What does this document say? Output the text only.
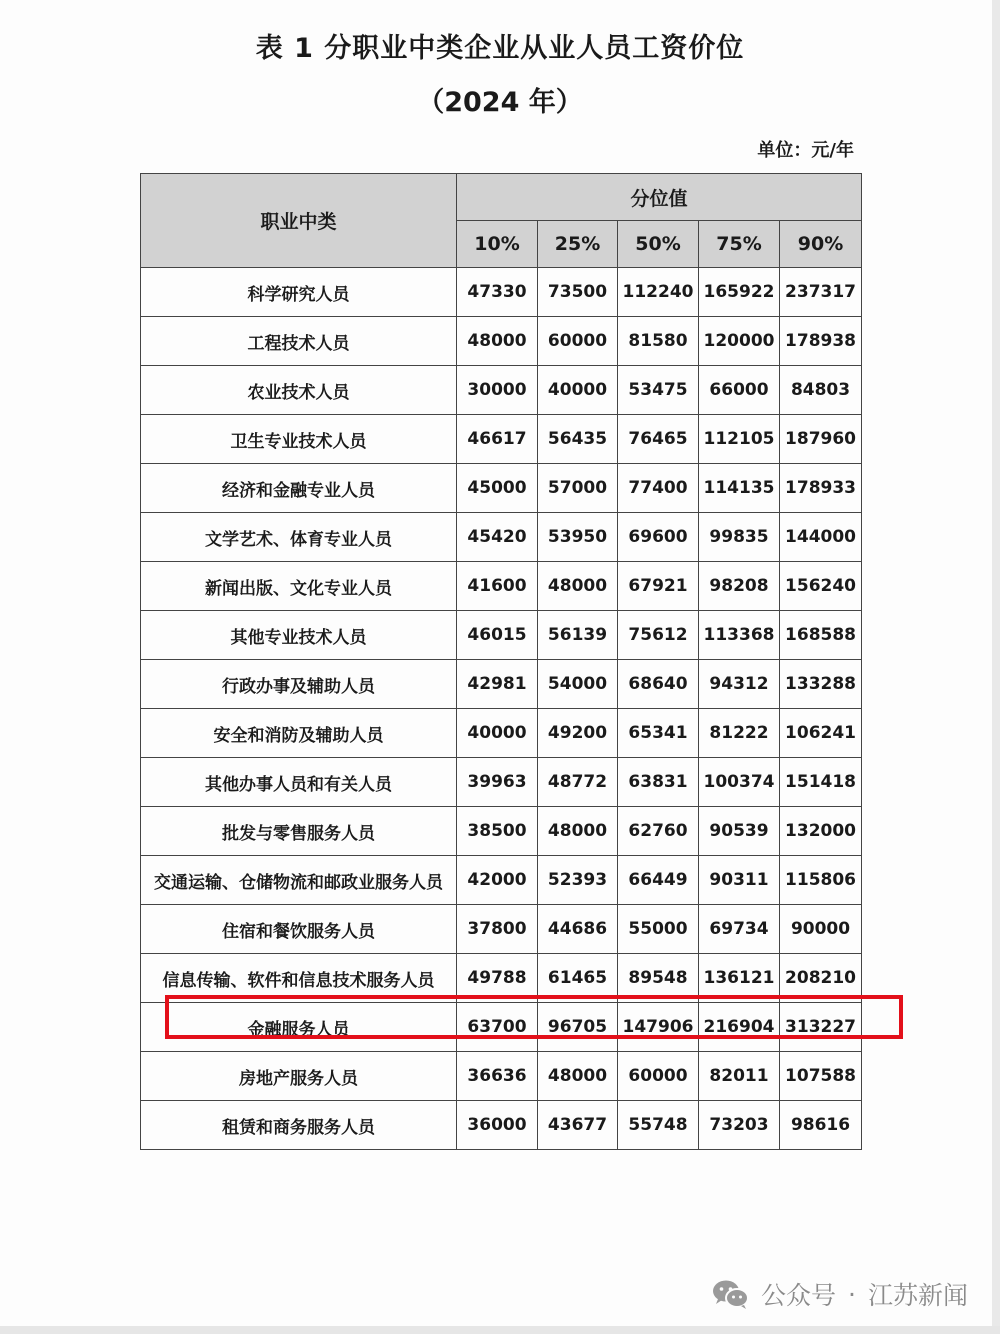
表 1 分职业中类企业从业人员工资价位
（2024 年）
单位：元/年
职业中类	分位值				
	10%	25%	50%	75%	90%
科学研究人员	47330	73500	112240	165922	237317
工程技术人员	48000	60000	81580	120000	178938
农业技术人员	30000	40000	53475	66000	84803
卫生专业技术人员	46617	56435	76465	112105	187960
经济和金融专业人员	45000	57000	77400	114135	178933
文学艺术、体育专业人员	45420	53950	69600	99835	144000
新闻出版、文化专业人员	41600	48000	67921	98208	156240
其他专业技术人员	46015	56139	75612	113368	168588
行政办事及辅助人员	42981	54000	68640	94312	133288
安全和消防及辅助人员	40000	49200	65341	81222	106241
其他办事人员和有关人员	39963	48772	63831	100374	151418
批发与零售服务人员	38500	48000	62760	90539	132000
交通运输、仓储物流和邮政业服务人员	42000	52393	66449	90311	115806
住宿和餐饮服务人员	37800	44686	55000	69734	90000
信息传输、软件和信息技术服务人员	49788	61465	89548	136121	208210
金融服务人员	63700	96705	147906	216904	313227
房地产服务人员	36636	48000	60000	82011	107588
租赁和商务服务人员	36000	43677	55748	73203	98616
公众号 · 江苏新闻
